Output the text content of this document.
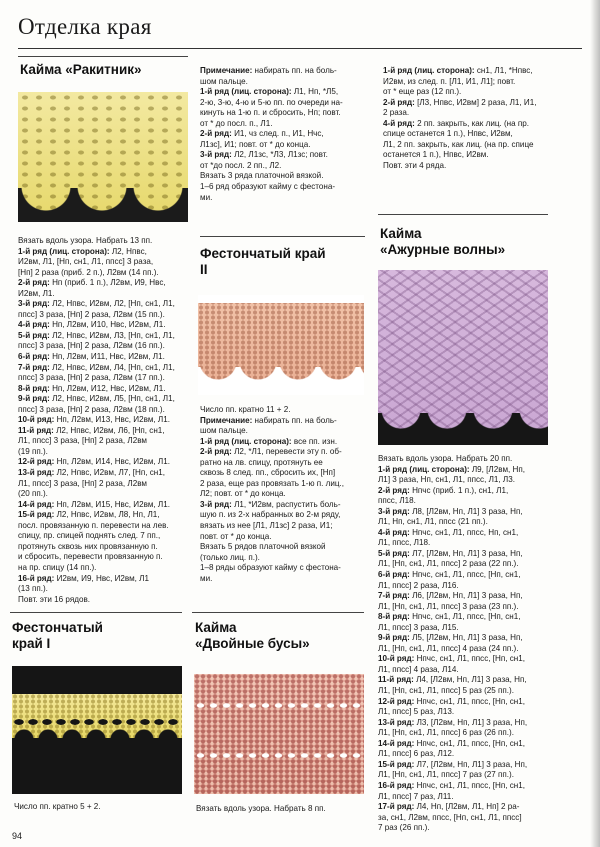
Отделка края
Кайма «Ракитник»

Вязать вдоль узора. Набрать 13 пп.

1-й ряд (лиц. сторона): Л2, Нпвс,

И2вм, Л1, [Нп, сн1, Л1, ппсс] 3 раза,

[Нп] 2 раза (приб. 2 п.), Л2вм (14 пп.).

2-й ряд: Нп (приб. 1 п.), Л2вм, И9, Нвс,

И2вм, Л1.

3-й ряд: Л2, Нпвс, И2вм, Л2, [Нп, сн1, Л1,

ппсс] 3 раза, [Нп] 2 раза, Л2вм (15 пп.).

4-й ряд: Нп, Л2вм, И10, Нвс, И2вм, Л1.

5-й ряд: Л2, Нпвс, И2вм, Л3, [Нп, сн1, Л1,

ппсс] 3 раза, [Нп] 2 раза, Л2вм (16 пп.).

6-й ряд: Нп, Л2вм, И11, Нвс, И2вм, Л1.

7-й ряд: Л2, Нпвс, И2вм, Л4, [Нп, сн1, Л1,

ппсс] 3 раза, [Нп] 2 раза, Л2вм (17 пп.).

8-й ряд: Нп, Л2вм, И12, Нвс, И2вм, Л1.

9-й ряд: Л2, Нпвс, И2вм, Л5, [Нп, сн1, Л1,

ппсс] 3 раза, [Нп] 2 раза, Л2вм (18 пп.).

10-й ряд: Нп, Л2вм, И13, Нвс, И2вм, Л1.

11-й ряд: Л2, Нпвс, И2вм, Л6, [Нп, сн1,

Л1, ппсс] 3 раза, [Нп] 2 раза, Л2вм

(19 пп.).

12-й ряд: Нп, Л2вм, И14, Нвс, И2вм, Л1.

13-й ряд: Л2, Нпвс, И2вм, Л7, [Нп, сн1,

Л1, ппсс] 3 раза, [Нп] 2 раза, Л2вм

(20 пп.).

14-й ряд: Нп, Л2вм, И15, Нвс, И2вм, Л1.

15-й ряд: Л2, Нпвс, И2вм, Л8, Нп, Л1,

посл. провязанную п. перевести на лев.

спицу, пр. спицей поднять след. 7 пп.,

протянуть сквозь них провязанную п.

и сбросить, перевести провязанную п.

на пр. спицу (14 пп.).

16-й ряд: И2вм, И9, Нвс, И2вм, Л1

(13 пп.).

Повт. эти 16 рядов.

Примечание: набирать пп. на боль-

шом пальце.

1-й ряд (лиц. сторона): Л1, Нп, *Л5,

2-ю, 3-ю, 4-ю и 5-ю пп. по очереди на-

кинуть на 1-ю п. и сбросить, Нп; повт.

от * до посл. п., Л1.

2-й ряд: И1, чз след. п., И1, Нчс,

Л1зс], И1; повт. от * до конца.

3-й ряд: Л2, Л1зс, *Л3, Л1зс; повт.

от *до посл. 2 пп., Л2.

Вязать 3 ряда платочной вязкой.

1–6 ряд образуют кайму с фестона-

ми.

Фестончатый край II

Число пп. кратно 11 + 2.

Примечание: набирать пп. на боль-

шом пальце.

1-й ряд (лиц. сторона): все пп. изн.

2-й ряд: Л2, *Л1, перевести эту п. об-

ратно на лв. спицу, протянуть ее

сквозь 8 след. пп., сбросить их, [Нп]

2 раза, еще раз провязать 1-ю п. лиц.,

Л2; повт. от * до конца.

3-й ряд: Л1, *И2вм, распустить боль-

шую п. из 2-х набранных во 2-м ряду,

вязать из нее [Л1, Л1зс] 2 раза, И1;

повт. от * до конца.

Вязать 5 рядов платочной вязкой

(только лиц. п.).

1–8 ряды образуют кайму с фестона-

ми.

1-й ряд (лиц. сторона): сн1, Л1, *Нпвс,

И2вм, из след. п. [Л1, И1, Л1]; повт.

от * еще раз (12 пп.).

2-й ряд: [Л3, Нпвс, И2вм] 2 раза, Л1, И1,

2 раза.

4-й ряд: 2 пп. закрыть, как лиц. (на пр.

спице останется 1 п.), Нпвс, И2вм,

Л1, 2 пп. закрыть, как лиц. (на пр. спице

останется 1 п.), Нпвс, И2вм.

Повт. эти 4 ряда.

Кайма
«Ажурные волны»

Вязать вдоль узора. Набрать 20 пп.

1-й ряд (лиц. сторона): Л9, [Л2вм, Нп,

Л1] 3 раза, Нп, сн1, Л1, ппсс, Л1, Л3.

2-й ряд: Нпчс (приб. 1 п.), сн1, Л1,

ппсс, Л18.

3-й ряд: Л8, [Л2вм, Нп, Л1] 3 раза, Нп,

Л1, Нп, сн1, Л1, ппсс (21 пп.).

4-й ряд: Нпчс, сн1, Л1, ппсс, Нп, сн1,

Л1, ппсс, Л18.

5-й ряд: Л7, [Л2вм, Нп, Л1] 3 раза, Нп,

Л1, [Нп, сн1, Л1, ппсс] 2 раза (22 пп.).

6-й ряд: Нпчс, сн1, Л1, ппсс, [Нп, сн1,

Л1, ппсс] 2 раза, Л16.

7-й ряд: Л6, [Л2вм, Нп, Л1] 3 раза, Нп,

Л1, [Нп, сн1, Л1, ппсс] 3 раза (23 пп.).

8-й ряд: Нпчс, сн1, Л1, ппсс, [Нп, сн1,

Л1, ппсс] 3 раза, Л15.

9-й ряд: Л5, [Л2вм, Нп, Л1] 3 раза, Нп,

Л1, [Нп, сн1, Л1, ппсс] 4 раза (24 пп.).

10-й ряд: Нпчс, сн1, Л1, ппсс, [Нп, сн1,

Л1, ппсс] 4 раза, Л14.

11-й ряд: Л4, [Л2вм, Нп, Л1] 3 раза, Нп,

Л1, [Нп, сн1, Л1, ппсс] 5 раз (25 пп.).

12-й ряд: Нпчс, сн1, Л1, ппсс, [Нп, сн1,

Л1, ппсс] 5 раз, Л13.

13-й ряд: Л3, [Л2вм, Нп, Л1] 3 раза, Нп,

Л1, [Нп, сн1, Л1, ппсс] 6 раз (26 пп.).

14-й ряд: Нпчс, сн1, Л1, ппсс, [Нп, сн1,

Л1, ппсс] 6 раз, Л12.

15-й ряд: Л7, [Л2вм, Нп, Л1] 3 раза, Нп,

Л1, [Нп, сн1, Л1, ппсс] 7 раз (27 пп.).

16-й ряд: Нпчс, сн1, Л1, ппсс, [Нп, сн1,

Л1, ппсс] 7 раз, Л11.

17-й ряд: Л4, Нп, [Л2вм, Л1, Нп] 2 ра-

за, сн1, Л2вм, ппсс, [Нп, сн1, Л1, ппсс]

7 раз (26 пп.).

Фестончатый
край I

Число пп. кратно 5 + 2.

Кайма
«Двойные бусы»

Вязать вдоль узора. Набрать 8 пп.

94
